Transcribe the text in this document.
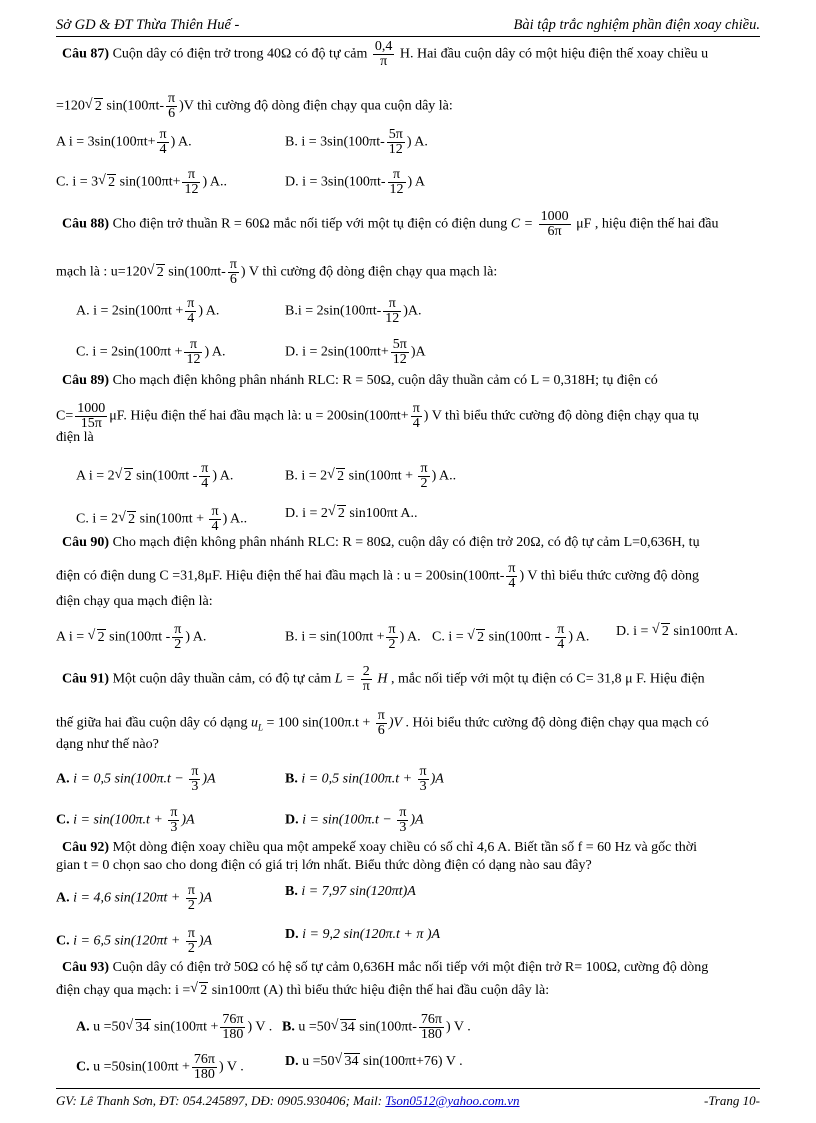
Sở GD & ĐT Thừa Thiên Huế -	Bài tập trắc nghiệm phần điện xoay chiều.
Câu 87) Cuộn dây có điện trở trong 40Ω có độ tự cảm $\frac{0,4}{\pi} H$. Hai đầu cuộn dây có một hiệu điện thế xoay chiều u
=120 √ 2 $\sin(100\pi t- \frac{\pi}{6} )V$ thì cường độ dòng điện chạy qua cuộn dây là:
A $i = 3\sin(100\pi t+ \frac{\pi}{4}$ ) A.	B. $i = 3\sin(100\pi t- \frac{5\pi}{12}$ ) A.
C. i = 3 √ 2 $\sin(100\pi t+ \frac{\pi}{12}$ ) A..	D. $i = 3\sin(100\pi t- \frac{\pi}{12}$ ) A
Câu 88) Cho điện trở thuần R = 60Ω mắc nối tiếp với một tụ điện có điện dung $C = \frac{1000}{6\pi}$ μF , hiệu điện thế hai đầu
mạch là : u=120 √ 2 $\sin(100\pi t- \frac{\pi}{6}$ ) V thì cường độ dòng điện chạy qua mạch là:
A. $i = 2\sin(100\pi t + \frac{\pi}{4}$ ) A.	$B.i = 2\sin(100\pi t- \frac{\pi}{12} )A$.
C. $i = 2\sin(100\pi t + \frac{\pi}{12}$ ) A.	D. $i = 2\sin(100\pi t+ \frac{5\pi}{12} )A$
Câu 89) Cho mạch điện không phân nhánh RLC: R = 50Ω, cuộn dây thuần cảm có L = 0,318H; tụ điện có
$C= \frac{1000}{15\pi} \mu F$. Hiệu điện thế hai đầu mạch là: $u = 200\sin(100\pi t+ \frac{\pi}{4}$ ) V thì biểu thức cường độ dòng điện chạy qua tụ
điện là
A i = 2 √ 2 $\sin(100\pi t - \frac{\pi}{4}$ ) A.	B. i = 2 √ 2 $\sin(100\pi t + \frac{\pi}{2}$ ) A..
C. i = 2 √ 2 $\sin(100\pi t + \frac{\pi}{4}$ ) A..	D. i = 2 √ 2 sin100πt A..
Câu 90) Cho mạch điện không phân nhánh RLC: R = 80Ω, cuộn dây có điện trở 20Ω, có độ tự cảm L=0,636H, tụ
điện có điện dung C =31,8μF. Hiệu điện thế hai đầu mạch là : $u = 200\sin(100\pi t- \frac{\pi}{4}$ ) V thì biểu thức cường độ dòng
điện chạy qua mạch điện là:
A i = √ 2 $\sin(100\pi t - \frac{\pi}{2}$ ) A.	B. $i = \sin(100\pi t + \frac{\pi}{2}$ ) A. C. i = √ 2 $\sin(100\pi t - \frac{\pi}{4}$ ) A. D. i = √ 2 sin100πt A.
Câu 91) Một cuộn dây thuần cảm, có độ tự cảm $L = \frac{2}{\pi}$ H , mắc nối tiếp với một tụ điện có C= 31,8 μ F. Hiệu điện
thế giữa hai đầu cuộn dây có dạng $u_L = 100$ $\sin(100\pi.t + \frac{\pi}{6} )V$ . Hỏi biểu thức cường độ dòng điện chạy qua mạch có
dạng như thế nào?
A. i = 0,5 $\sin(100\pi.t - \frac{\pi}{3} )A$	B. i = 0,5 $\sin(100\pi.t + \frac{\pi}{3} )A$
C. $i = \sin(100\pi.t + \frac{\pi}{3} )A$	D. $i = \sin(100\pi.t - \frac{\pi}{3} )A$
Câu 92) Một dòng điện xoay chiều qua một ampekế xoay chiều có số chỉ 4,6 A. Biết tần số f = 60 Hz và gốc thời
gian t = 0 chọn sao cho dong điện có giá trị lớn nhất. Biểu thức dòng điện có dạng nào sau đây?
A. i = 4,6 $\sin(120\pi t + \frac{\pi}{2} )A$	B. i = 7,97 sin(120πt)A
C. i = 6,5 $\sin(120\pi t + \frac{\pi}{2} )A$	D. i = 9,2 sin(120π.t + π )A
Câu 93) Cuộn dây có điện trở 50Ω có hệ số tự cảm 0,636H mắc nối tiếp với một điện trở R= 100Ω, cường độ dòng
điện chạy qua mạch: i = √ 2 sin100πt (A) thì biểu thức hiệu điện thế hai đầu cuộn dây là:
A. u =50 √ 34 $\sin(100\pi t + \frac{76\pi}{180}$ ) V . B. u =50 √ 34 $\sin(100\pi t- \frac{76\pi}{180}$ ) V .
C. $u =50\sin(100\pi t + \frac{76\pi}{180}$ ) V .	D. u =50 √ 34 sin(100πt+76) V .
GV: Lê Thanh Sơn, ĐT: 054.245897, DĐ: 0905.930406; Mail: Tson0512@yahoo.com.vn	-Trang 10-
